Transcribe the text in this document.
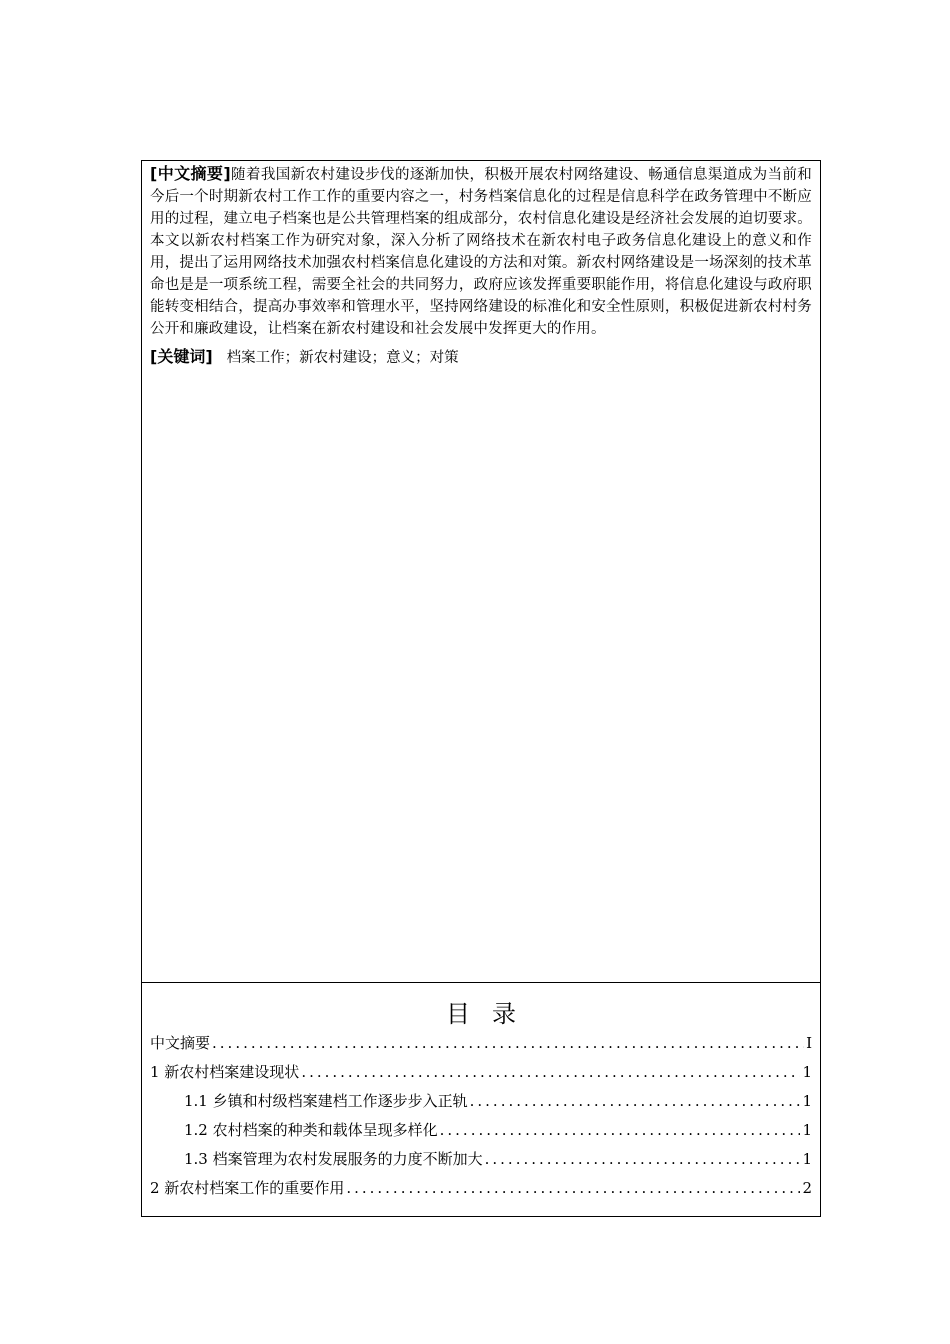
[中文摘要]随着我国新农村建设步伐的逐渐加快，积极开展农村网络建设、畅通信息渠道成为当前和今后一个时期新农村工作工作的重要内容之一，村务档案信息化的过程是信息科学在政务管理中不断应用的过程，建立电子档案也是公共管理档案的组成部分，农村信息化建设是经济社会发展的迫切要求。本文以新农村档案工作为研究对象，深入分析了网络技术在新农村电子政务信息化建设上的意义和作用，提出了运用网络技术加强农村档案信息化建设的方法和对策。新农村网络建设是一场深刻的技术革命也是是一项系统工程，需要全社会的共同努力，政府应该发挥重要职能作用，将信息化建设与政府职能转变相结合，提高办事效率和管理水平，坚持网络建设的标准化和安全性原则，积极促进新农村村务公开和廉政建设，让档案在新农村建设和社会发展中发挥更大的作用。

[关键词] 档案工作；新农村建设；意义；对策
目录
中文摘要 .....	I
1 新农村档案建设现状 .....	1
1.1 乡镇和村级档案建档工作逐步步入正轨 .....	1
1.2 农村档案的种类和载体呈现多样化 .....	1
1.3 档案管理为农村发展服务的力度不断加大 .....	1
2 新农村档案工作的重要作用 .....	2
